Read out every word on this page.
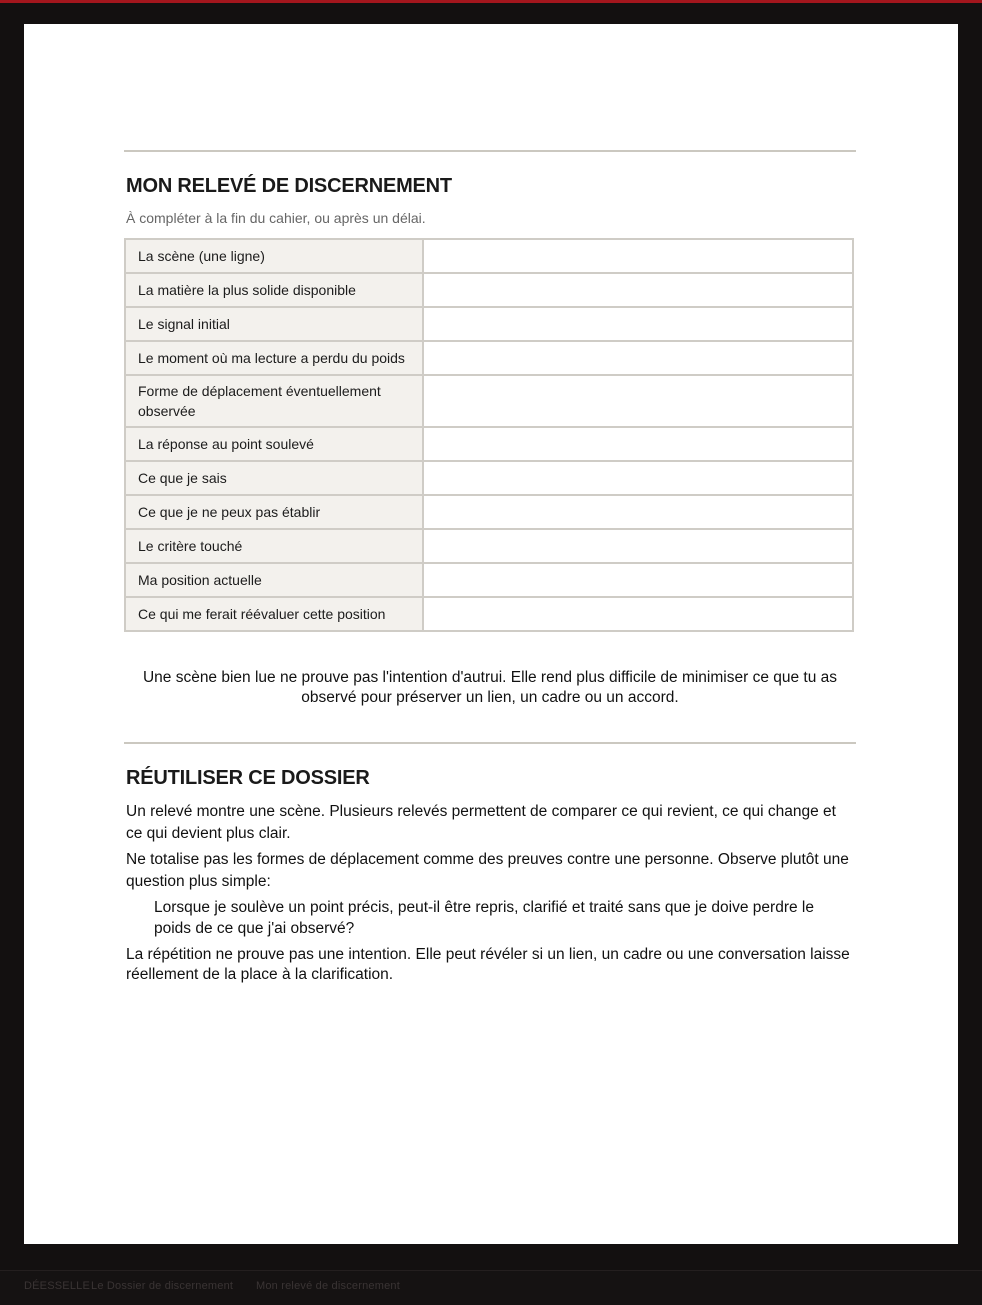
MON RELEVÉ DE DISCERNEMENT
À compléter à la fin du cahier, ou après un délai.
La scène (une ligne)	
La matière la plus solide disponible	
Le signal initial	
Le moment où ma lecture a perdu du poids	
Forme de déplacement éventuellement observée	
La réponse au point soulevé	
Ce que je sais	
Ce que je ne peux pas établir	
Le critère touché	
Ma position actuelle	
Ce qui me ferait réévaluer cette position	
Une scène bien lue ne prouve pas l'intention d'autrui. Elle rend plus difficile de minimiser ce que tu as observé pour préserver un lien, un cadre ou un accord.
RÉUTILISER CE DOSSIER
Un relevé montre une scène. Plusieurs relevés permettent de comparer ce qui revient, ce qui change et ce qui devient plus clair.
Ne totalise pas les formes de déplacement comme des preuves contre une personne. Observe plutôt une question plus simple:
Lorsque je soulève un point précis, peut-il être repris, clarifié et traité sans que je doive perdre le poids de ce que j'ai observé?
La répétition ne prouve pas une intention. Elle peut révéler si un lien, un cadre ou une conversation laisse réellement de la place à la clarification.
DÉESSELLE Le Dossier de discernement Mon relevé de discernement
